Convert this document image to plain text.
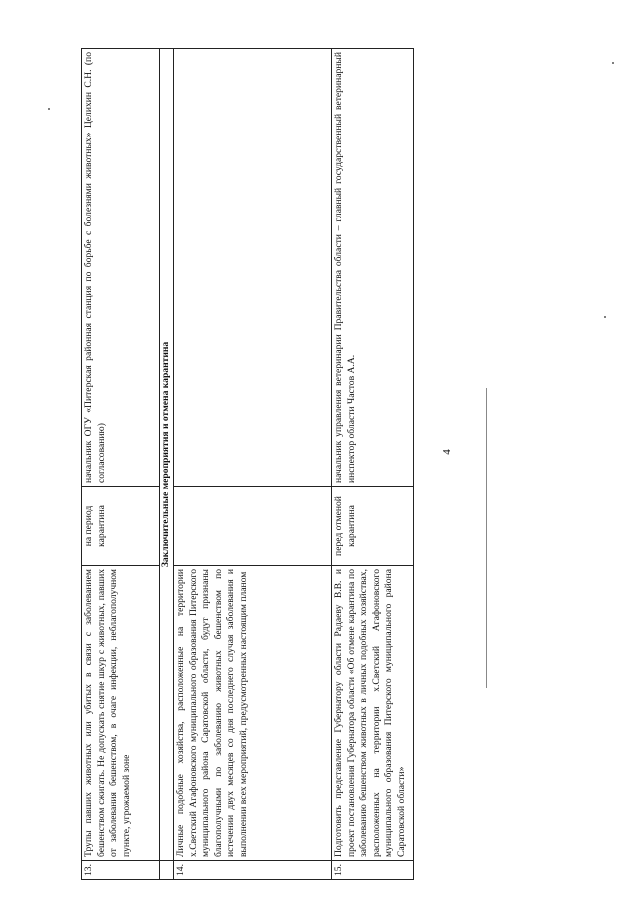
4
13.	Трупы павших животных или убитых в связи с заболеванием бешенством сжигать. Не допускать снятие шкур с животных, павших от заболевания бешенством, в очаге инфекции, неблагополучном пункте, угрожаемой зоне	на период карантина	начальник ОГУ «Питерская районная станция по борьбе с болезнями животных» Целихин С.Н. (по согласованию)
	Заключительные мероприятия и отмена карантина		
14.	Личные подобные хозяйства, расположенные на территории х.Светский Агафоновского муниципального образования Питерского муниципального района Саратовской области, будут признаны благополучными по заболеванию животных бешенством по истечении двух месяцев со дня последнего случая заболевания и выполнении всех мероприятий, предусмотренных настоящим планом		
15.	Подготовить представление Губернатору области Радаеву В.В. и проект постановления Губернатора области «Об отмене карантина по заболеванию бешенством животных в личных подобных хозяйствах, расположенных на территории х.Светский Агафоновского муниципального образования Питерского муниципального района Саратовской области»	перед отменой карантина	начальник управления ветеринарии Правительства области – главный государственный ветеринарный инспектор области Частов А.А.
